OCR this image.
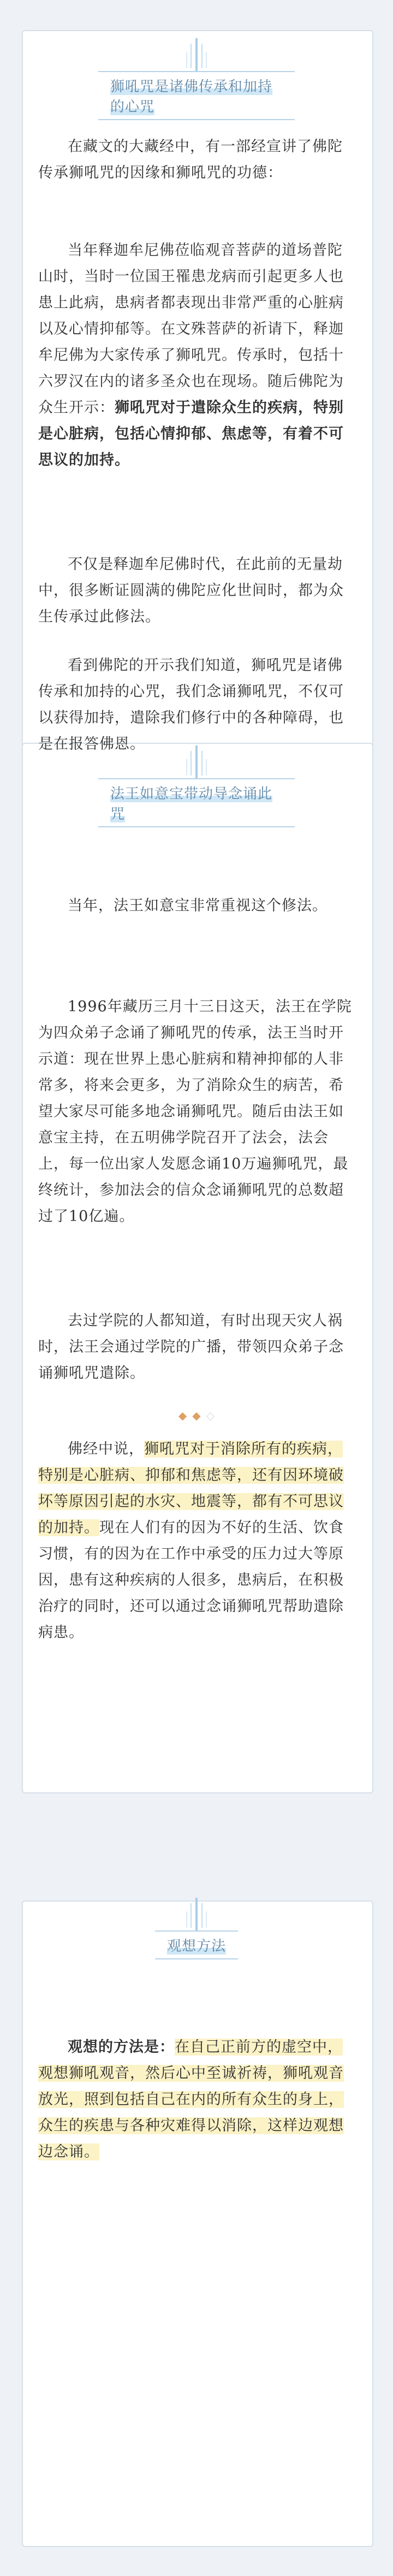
狮吼咒是诸佛传承和加持的心咒

在藏文的大藏经中，有一部经宣讲了佛陀传承狮吼咒的因缘和狮吼咒的功德：

当年释迦牟尼佛莅临观音菩萨的道场普陀山时，当时一位国王罹患龙病而引起更多人也患上此病，患病者都表现出非常严重的心脏病以及心情抑郁等。在文殊菩萨的祈请下，释迦牟尼佛为大家传承了狮吼咒。传承时，包括十六罗汉在内的诸多圣众也在现场。随后佛陀为众生开示：狮吼咒对于遣除众生的疾病，特别是心脏病，包括心情抑郁、焦虑等，有着不可思议的加持。

不仅是释迦牟尼佛时代，在此前的无量劫中，很多断证圆满的佛陀应化世间时，都为众生传承过此修法。

看到佛陀的开示我们知道，狮吼咒是诸佛传承和加持的心咒，我们念诵狮吼咒，不仅可以获得加持，遣除我们修行中的各种障碍，也是在报答佛恩。

法王如意宝带动导念诵此咒

当年，法王如意宝非常重视这个修法。

1996年藏历三月十三日这天，法王在学院为四众弟子念诵了狮吼咒的传承，法王当时开示道：现在世界上患心脏病和精神抑郁的人非常多，将来会更多，为了消除众生的病苦，希望大家尽可能多地念诵狮吼咒。随后由法王如意宝主持，在五明佛学院召开了法会，法会上，每一位出家人发愿念诵10万遍狮吼咒，最终统计，参加法会的信众念诵狮吼咒的总数超过了10亿遍。

去过学院的人都知道，有时出现天灾人祸时，法王会通过学院的广播，带领四众弟子念诵狮吼咒遣除。

◆ ◆ ◇

佛经中说，狮吼咒对于消除所有的疾病，特别是心脏病、抑郁和焦虑等，还有因环境破坏等原因引起的水灾、地震等，都有不可思议的加持。现在人们有的因为不好的生活、饮食习惯，有的因为在工作中承受的压力过大等原因，患有这种疾病的人很多，患病后，在积极治疗的同时，还可以通过念诵狮吼咒帮助遣除病患。

观想方法

观想的方法是：在自己正前方的虚空中，观想狮吼观音，然后心中至诚祈祷，狮吼观音放光，照到包括自己在内的所有众生的身上，众生的疾患与各种灾难得以消除，这样边观想边念诵。
